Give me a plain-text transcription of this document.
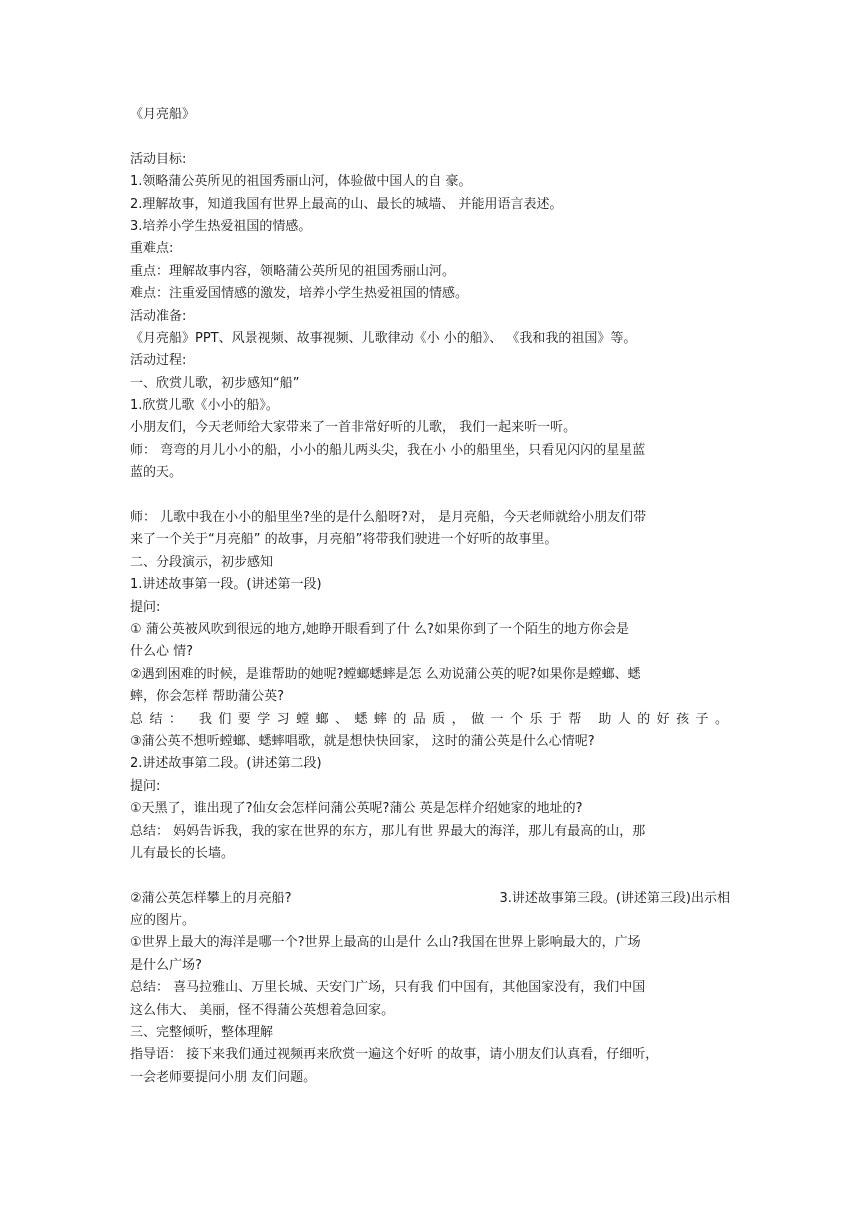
《月亮船》
活动目标:
1.领略蒲公英所见的祖国秀丽山河，体验做中国人的自 豪。
2.理解故事，知道我国有世界上最高的山、最长的城墙、 并能用语言表述。
3.培养小学生热爱祖国的情感。
重难点:
重点：理解故事内容，领略蒲公英所见的祖国秀丽山河。
难点：注重爱国情感的激发，培养小学生热爱祖国的情感。
活动准备:
《月亮船》PPT、风景视频、故事视频、儿歌律动《小 小的船》、 《我和我的祖国》等。
活动过程:
一、欣赏儿歌，初步感知“船”
1.欣赏儿歌《小小的船》。
小朋友们，今天老师给大家带来了一首非常好听的儿歌， 我们一起来听一听。
师： 弯弯的月儿小小的船，小小的船儿两头尖，我在小 小的船里坐，只看见闪闪的星星蓝
蓝的天。
师： 儿歌中我在小小的船里坐?坐的是什么船呀?对， 是月亮船，今天老师就给小朋友们带
来了一个关于“月亮船” 的故事，月亮船”将带我们驶进一个好听的故事里。
二、分段演示，初步感知
1.讲述故事第一段。(讲述第一段)
提问:
① 蒲公英被风吹到很远的地方,她睁开眼看到了什 么?如果你到了一个陌生的地方你会是
什么心 情?
②遇到困难的时候，是谁帮助的她呢?螳螂蟋蟀是怎 么劝说蒲公英的呢?如果你是螳螂、蟋
蟀，你会怎样 帮助蒲公英?
总结： 我们要学习螳螂、蟋蟀的品质，做一个乐于帮 助人的好孩子。
③蒲公英不想听螳螂、蟋蟀唱歌，就是想快快回家， 这时的蒲公英是什么心情呢?
2.讲述故事第二段。(讲述第二段)
提问:
①天黑了，谁出现了?仙女会怎样问蒲公英呢?蒲公 英是怎样介绍她家的地址的?
总结： 妈妈告诉我，我的家在世界的东方，那儿有世 界最大的海洋，那儿有最高的山，那
儿有最长的长墙。
②蒲公英怎样攀上的月亮船?	3.讲述故事第三段。(讲述第三段)出示相
应的图片。
①世界上最大的海洋是哪一个?世界上最高的山是什 么山?我国在世界上影响最大的，广场
是什么广场?
总结： 喜马拉雅山、万里长城、天安门广场，只有我 们中国有，其他国家没有，我们中国
这么伟大、 美丽，怪不得蒲公英想着急回家。
三、完整倾听，整体理解
指导语： 接下来我们通过视频再来欣赏一遍这个好听 的故事，请小朋友们认真看，仔细听，
一会老师要提问小朋 友们问题。
